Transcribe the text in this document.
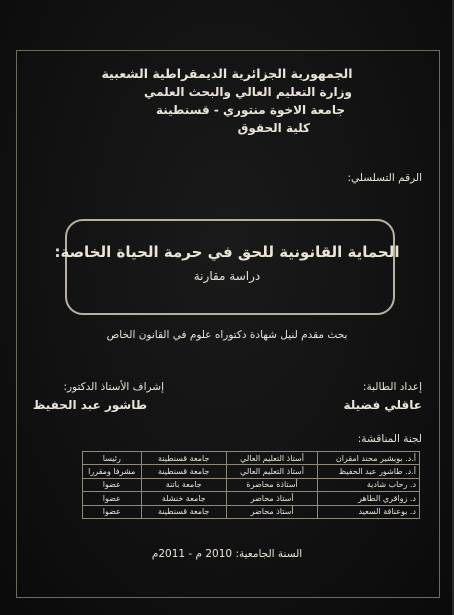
الجمهورية الجزائرية الديمقراطية الشعبية
وزارة التعليم العالي والبحث العلمي
جامعة الاخوة منتوري - قسنطينة
كلية الحقوق
الرقم التسلسلي:
الحماية القانونية للحق في حرمة الحياة الخاصة:
دراسة مقارنة
بحث مقدم لنيل شهادة دكتوراه علوم في القانون الخاص
إعداد الطالبة:
عاقلي فضيلة
إشراف الأستاذ الدكتور:
طاشور عبد الحفيظ
لجنة المناقشة:
أ.د. بوبشير محند امقران	أستاذ التعليم العالي	جامعة قسنطينة	رئيسا
أ.د. طاشور عبد الحفيظ	أستاذ التعليم العالي	جامعة قسنطينة	مشرفا ومقررا
د. رحاب شادية	أستاذة محاضرة	جامعة باتنة	عضوا
د. زواقري الطاهر	أستاذ محاضر	جامعة خنشلة	عضوا
د. بوعناقة السعيد	أستاذ محاضر	جامعة قسنطينة	عضوا
السنة الجامعية: 2010 م - 2011م
